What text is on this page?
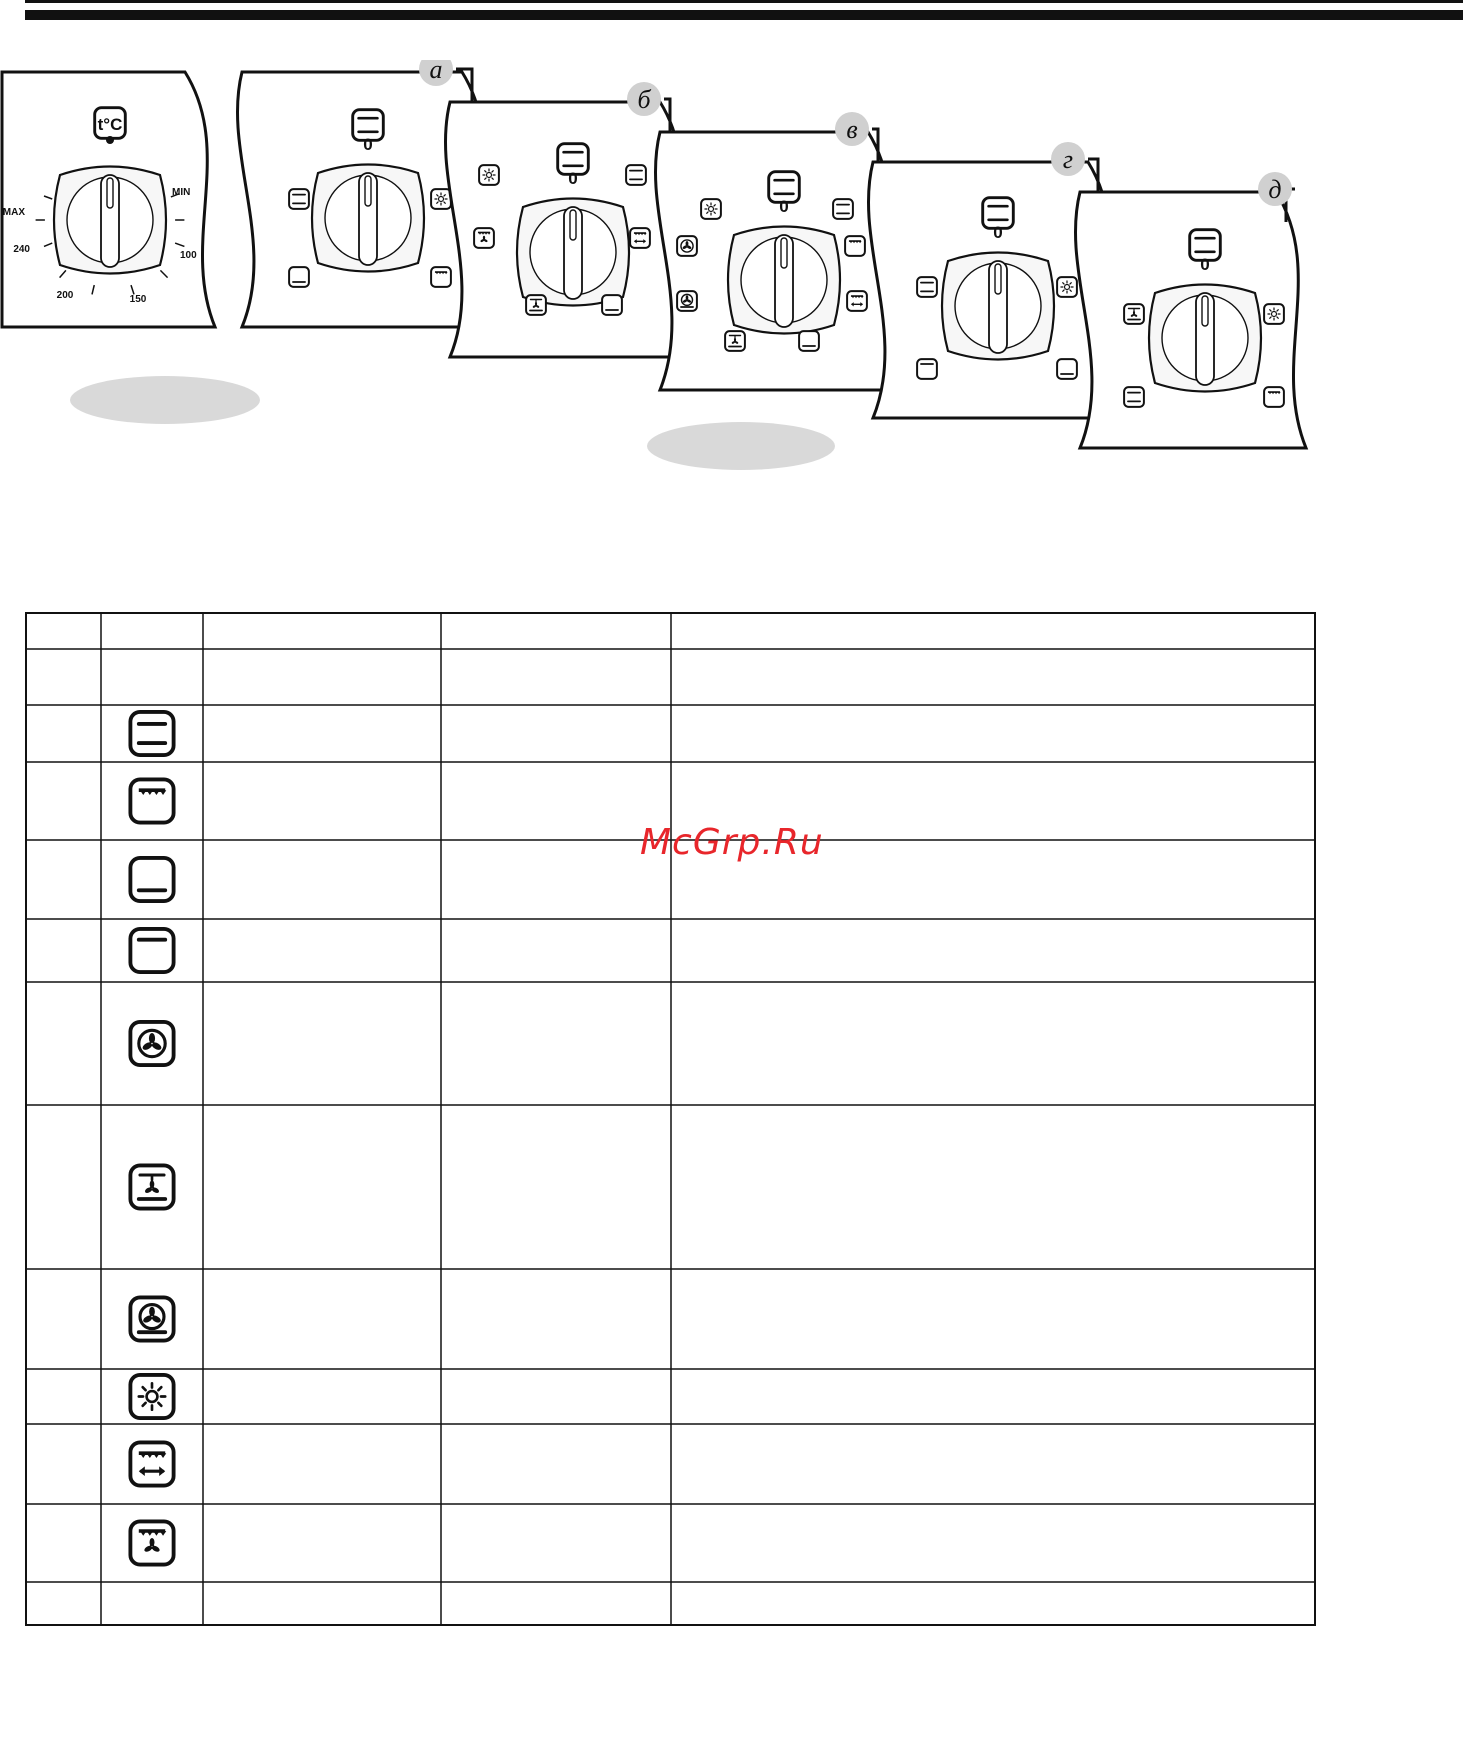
t°C
MAX
240
200	150
100
MIN
а
0
б
0
в
0
г
0
д
0
McGrp.Ru
